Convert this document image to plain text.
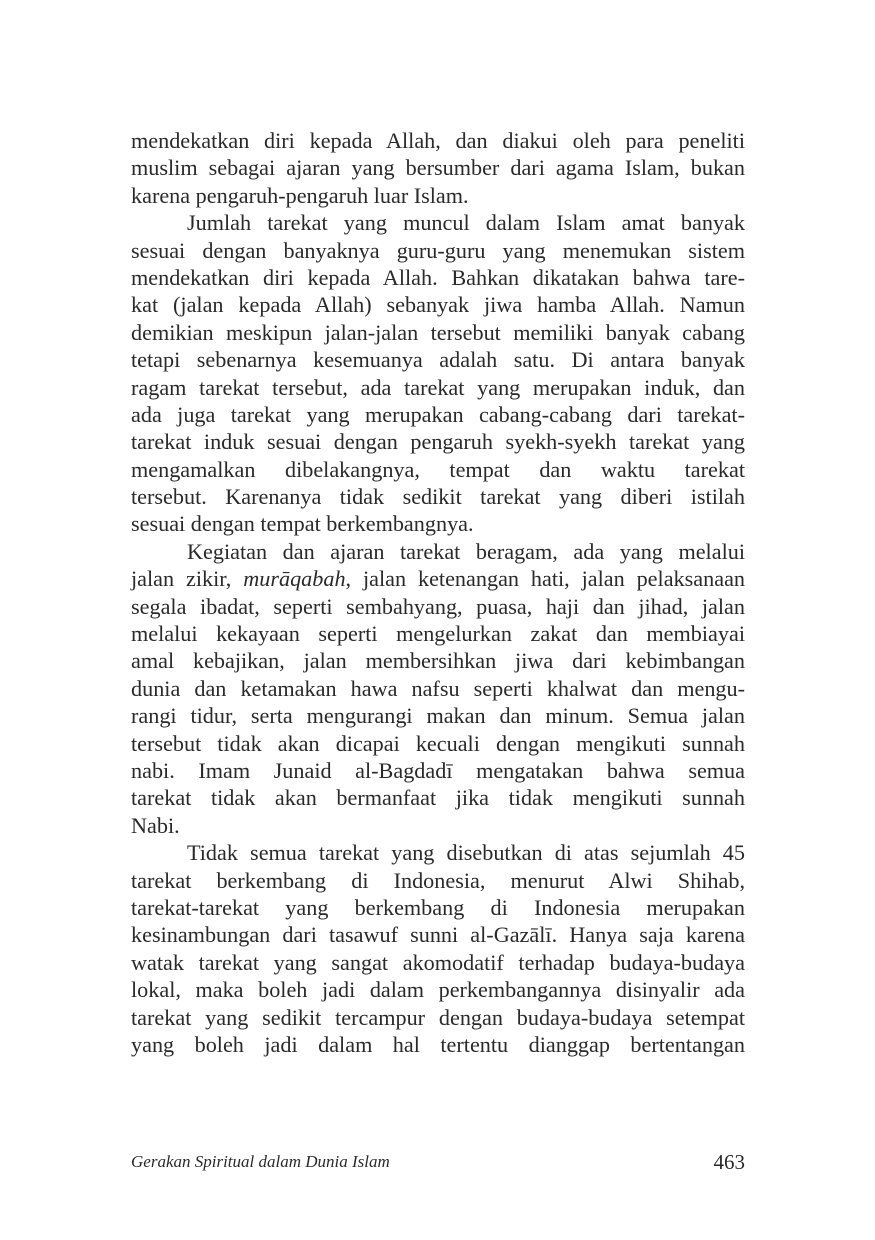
mendekatkan diri kepada Allah, dan diakui oleh para peneliti
muslim sebagai ajaran yang bersumber dari agama Islam, bukan
karena pengaruh-pengaruh luar Islam.
Jumlah tarekat yang muncul dalam Islam amat banyak
sesuai dengan banyaknya guru-guru yang menemukan sistem
mendekatkan diri kepada Allah. Bahkan dikatakan bahwa tare-
kat (jalan kepada Allah) sebanyak jiwa hamba Allah. Namun
demikian meskipun jalan-jalan tersebut memiliki banyak cabang
tetapi sebenarnya kesemuanya adalah satu. Di antara banyak
ragam tarekat tersebut, ada tarekat yang merupakan induk, dan
ada juga tarekat yang merupakan cabang-cabang dari tarekat-
tarekat induk sesuai dengan pengaruh syekh-syekh tarekat yang
mengamalkan dibelakangnya, tempat dan waktu tarekat
tersebut. Karenanya tidak sedikit tarekat yang diberi istilah
sesuai dengan tempat berkembangnya.
Kegiatan dan ajaran tarekat beragam, ada yang melalui
jalan zikir, murāqabah, jalan ketenangan hati, jalan pelaksanaan
segala ibadat, seperti sembahyang, puasa, haji dan jihad, jalan
melalui kekayaan seperti mengelurkan zakat dan membiayai
amal kebajikan, jalan membersihkan jiwa dari kebimbangan
dunia dan ketamakan hawa nafsu seperti khalwat dan mengu-
rangi tidur, serta mengurangi makan dan minum. Semua jalan
tersebut tidak akan dicapai kecuali dengan mengikuti sunnah
nabi. Imam Junaid al-Bagdadī mengatakan bahwa semua
tarekat tidak akan bermanfaat jika tidak mengikuti sunnah
Nabi.
Tidak semua tarekat yang disebutkan di atas sejumlah 45
tarekat berkembang di Indonesia, menurut Alwi Shihab,
tarekat-tarekat yang berkembang di Indonesia merupakan
kesinambungan dari tasawuf sunni al-Gazālī. Hanya saja karena
watak tarekat yang sangat akomodatif terhadap budaya-budaya
lokal, maka boleh jadi dalam perkembangannya disinyalir ada
tarekat yang sedikit tercampur dengan budaya-budaya setempat
yang boleh jadi dalam hal tertentu dianggap bertentangan
Gerakan Spiritual dalam Dunia Islam	463
